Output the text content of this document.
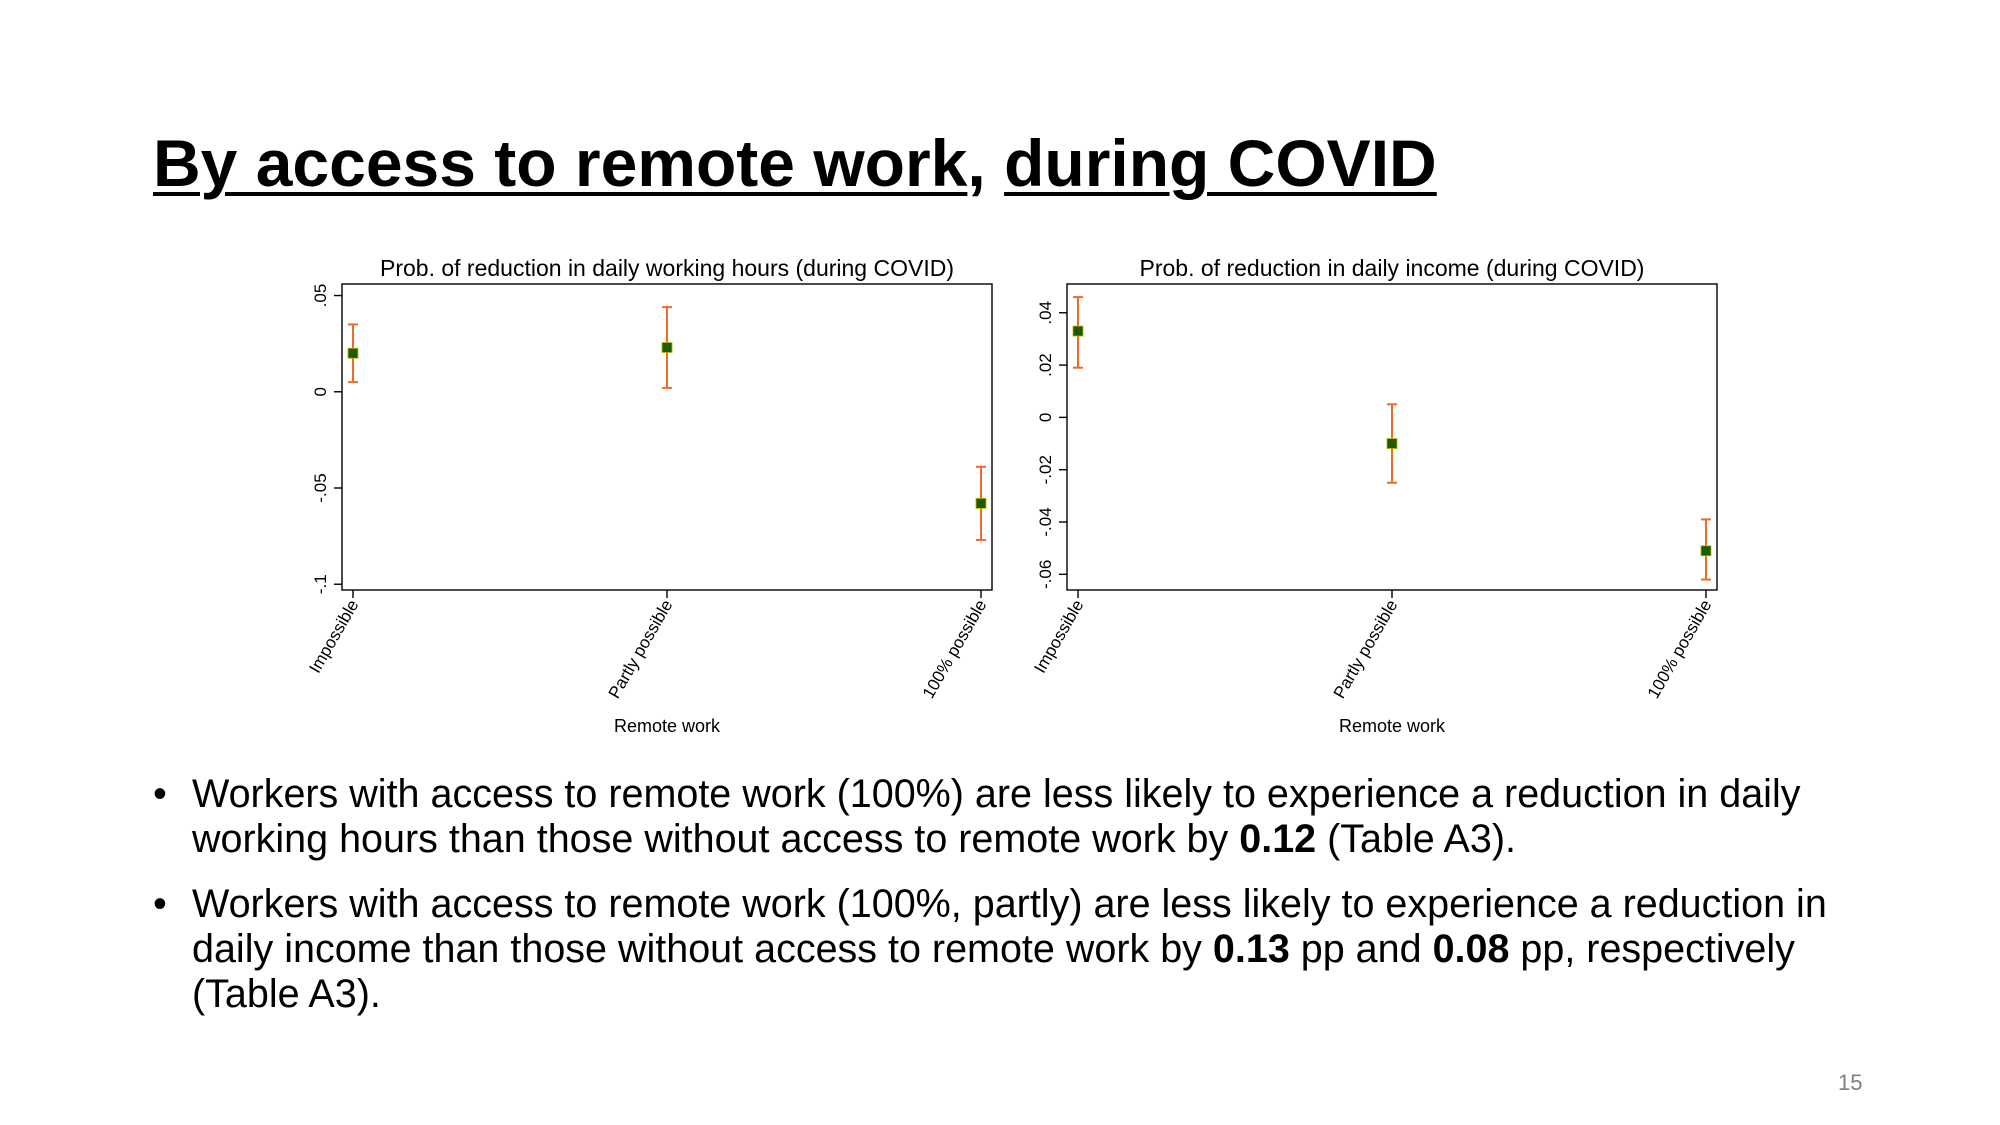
By access to remote work, during COVID
Prob. of reduction in daily working hours (during COVID)
-.1
-.05
0
.05
Impossible	Partly possible	100% possible
Remote work
Prob. of reduction in daily income (during COVID)
-.06
-.04
-.02
0
.02
.04
Impossible	Partly possible	100% possible
Remote work
• Workers with access to remote work (100%) are less likely to experience a reduction in daily working hours than those without access to remote work by 0.12 (Table A3).
• Workers with access to remote work (100%, partly) are less likely to experience a reduction in daily income than those without access to remote work by 0.13 pp and 0.08 pp, respectively (Table A3).
15
